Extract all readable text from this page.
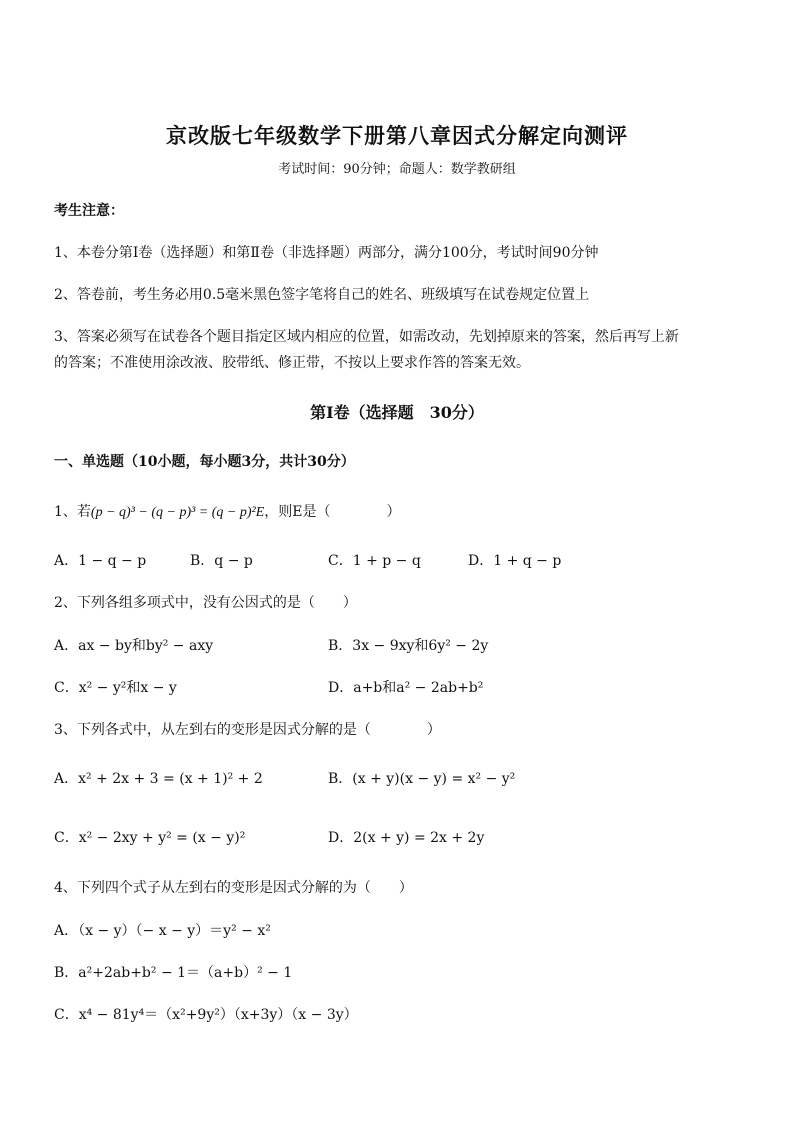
京改版七年级数学下册第八章因式分解定向测评
考试时间：90分钟；命题人：数学教研组
考生注意：
1、本卷分第Ⅰ卷（选择题）和第Ⅱ卷（非选择题）两部分，满分100分，考试时间90分钟
2、答卷前，考生务必用0.5毫米黑色签字笔将自己的姓名、班级填写在试卷规定位置上
3、答案必须写在试卷各个题目指定区域内相应的位置，如需改动，先划掉原来的答案，然后再写上新
的答案；不准使用涂改液、胶带纸、修正带，不按以上要求作答的答案无效。
第Ⅰ卷（选择题　30分）
一、单选题（10小题，每小题3分，共计30分）
1、若(p − q)³ − (q − p)³ = (q − p)²E，则E是（　　　　）
A．1 − q − p	B．q − p	C．1 + p − q	D．1 + q − p
2、下列各组多项式中，没有公因式的是（　　）
A．ax − by和by² − axy	B．3x − 9xy和6y² − 2y
C．x² − y²和x − y	D．a+b和a² − 2ab+b²
3、下列各式中，从左到右的变形是因式分解的是（　　　　）
A．x² + 2x + 3 = (x + 1)² + 2	B．(x + y)(x − y) = x² − y²
C．x² − 2xy + y² = (x − y)²	D．2(x + y) = 2x + 2y
4、下列四个式子从左到右的变形是因式分解的为（　　）
A．（x − y）（− x − y）＝y² − x²
B．a²+2ab+b² − 1＝（a+b）² − 1
C．x⁴ − 81y⁴＝（x²+9y²）（x+3y）（x − 3y）
